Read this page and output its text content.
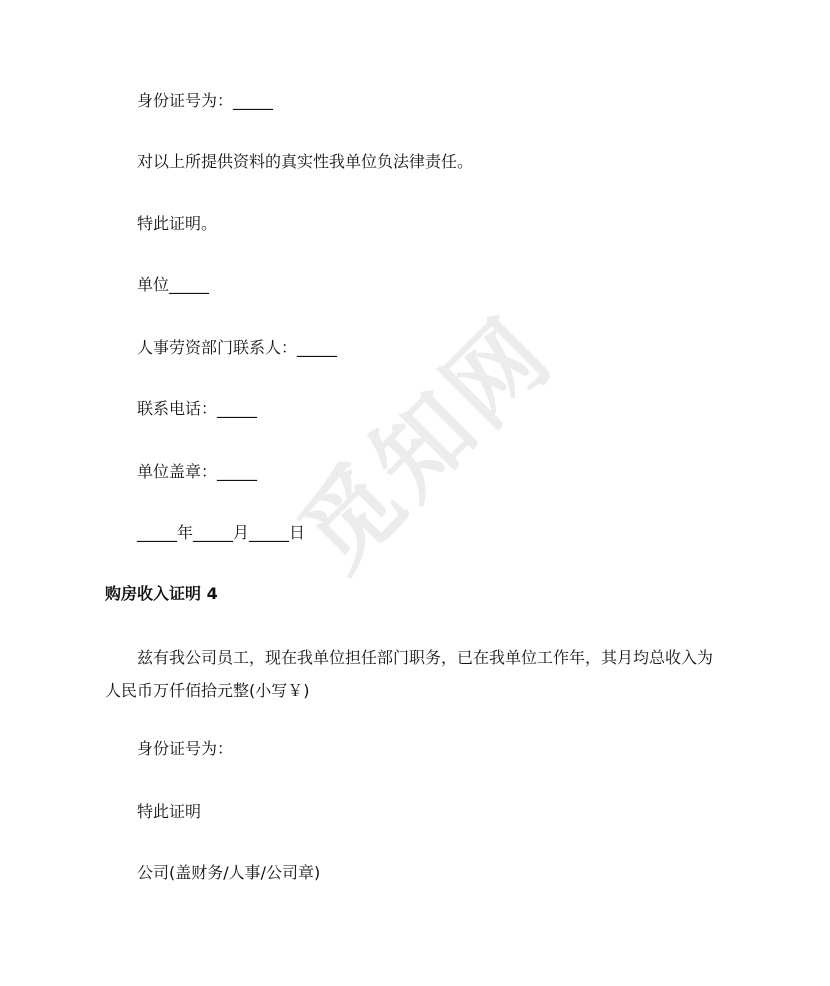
觅知网
身份证号为：_____
对以上所提供资料的真实性我单位负法律责任。
特此证明。
单位_____
人事劳资部门联系人：_____
联系电话：_____
单位盖章：_____
_____年_____月_____日
购房收入证明 4
兹有我公司员工，现在我单位担任部门职务，已在我单位工作年，其月均总收入为人民币万仟佰拾元整(小写￥)
身份证号为：
特此证明
公司(盖财务/人事/公司章)
